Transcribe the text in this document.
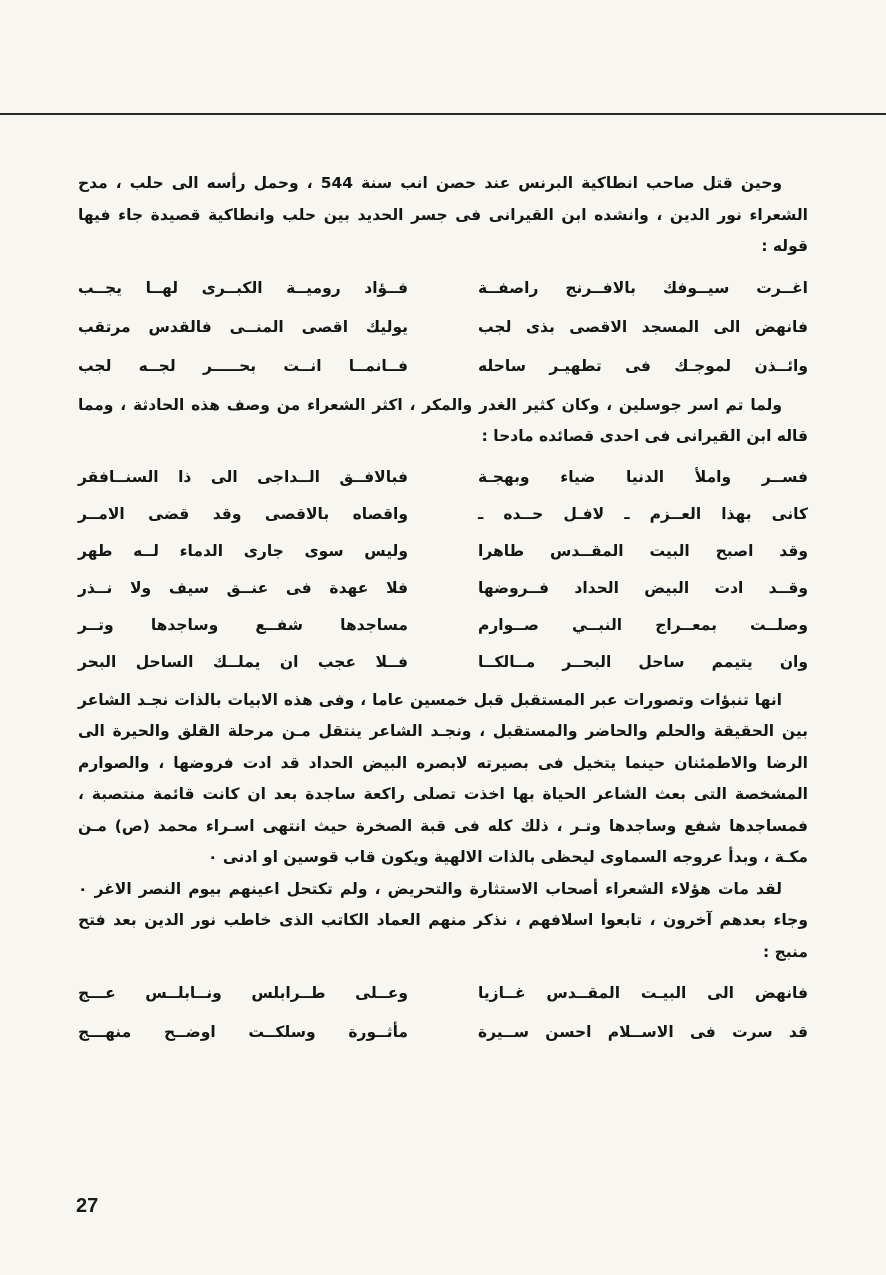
وحين قتل صاحب انطاكية البرنس عند حصن انب سنة 544 ، وحمل رأسه الى حلب ، مدح الشعراء نور الدين ، وانشده ابن القيرانى فى جسر الحديد بين حلب وانطاكية قصيدة جاء فيها قوله :

اغــرت سيــوفك بالافــرنج راصفــة
فــؤاد روميــة الكبــرى لهــا يجــب
فانهض الى المسجد الاقصى بذى لجب
يوليك اقصى المنــى فالقدس مرتقب
وائــذن لموجـك فى تطهيـر ساحله
فــانمــا انــت بحـــــر لجــه لجب

ولما تم اسر جوسلين ، وكان كثير الغدر والمكر ، اكثر الشعراء من وصف هذه الحادثة ، ومما قاله ابن القيرانى فى احدى قصائده مادحا :

فســر واملأ الدنيا ضياء وبهجـة
فبالافــق الــداجى الى ذا السنــافقر
كانى بهذا العــزم ـ لافـل حــده ـ
واقصاه بالاقصى وقد قضى الامــر
وقد اصبح البيت المقــدس طاهرا
وليس سوى جارى الدماء لــه طهر
وقــد ادت البيض الحداد فــروضها
فلا عهدة فى عنــق سيف ولا نــذر
وصلــت بمعــراج النبــي صــوارم
مساجدها شفــع وساجدها وتــر
وان يتيمم ساحل البحــر مــالكــا
فــلا عجب ان يملــك الساحل البحر

انها تنبؤات وتصورات عبر المستقبل قبل خمسين عاما ، وفى هذه الابيات بالذات نجـد الشاعر بين الحقيقة والحلم والحاضر والمستقبل ، ونجـد الشاعر ينتقل مـن مرحلة القلق والحيرة الى الرضا والاطمئنان حينما يتخيل فى بصيرته لابصره البيض الحداد قد ادت فروضها ، والصوارم المشخصة التى بعث الشاعر الحياة بها اخذت تصلى راكعة ساجدة بعد ان كانت قائمة منتصبة ، فمساجدها شفع وساجدها وتـر ، ذلك كله فى قبة الصخرة حيث انتهى اسـراء محمد (ص) مـن مكـة ، وبدأ عروجه السماوى ليحظى بالذات الالهية ويكون قاب قوسين او ادنى ٠

لقد مات هؤلاء الشعراء أصحاب الاستثارة والتحريض ، ولم تكتحل اعينهم بيوم النصر الاغر ٠ وجاء بعدهم آخرون ، تابعوا اسلافهم ، نذكر منهم العماد الكاتب الذى خاطب نور الدين بعد فتح منبج :

فانهض الى البيـت المقــدس غــازيا
وعــلى طــرابلس ونــابلــس عـــج
قد سرت فى الاســلام احسن ســيرة
مأثــورة وسلكــت اوضــح منهـــج
27
